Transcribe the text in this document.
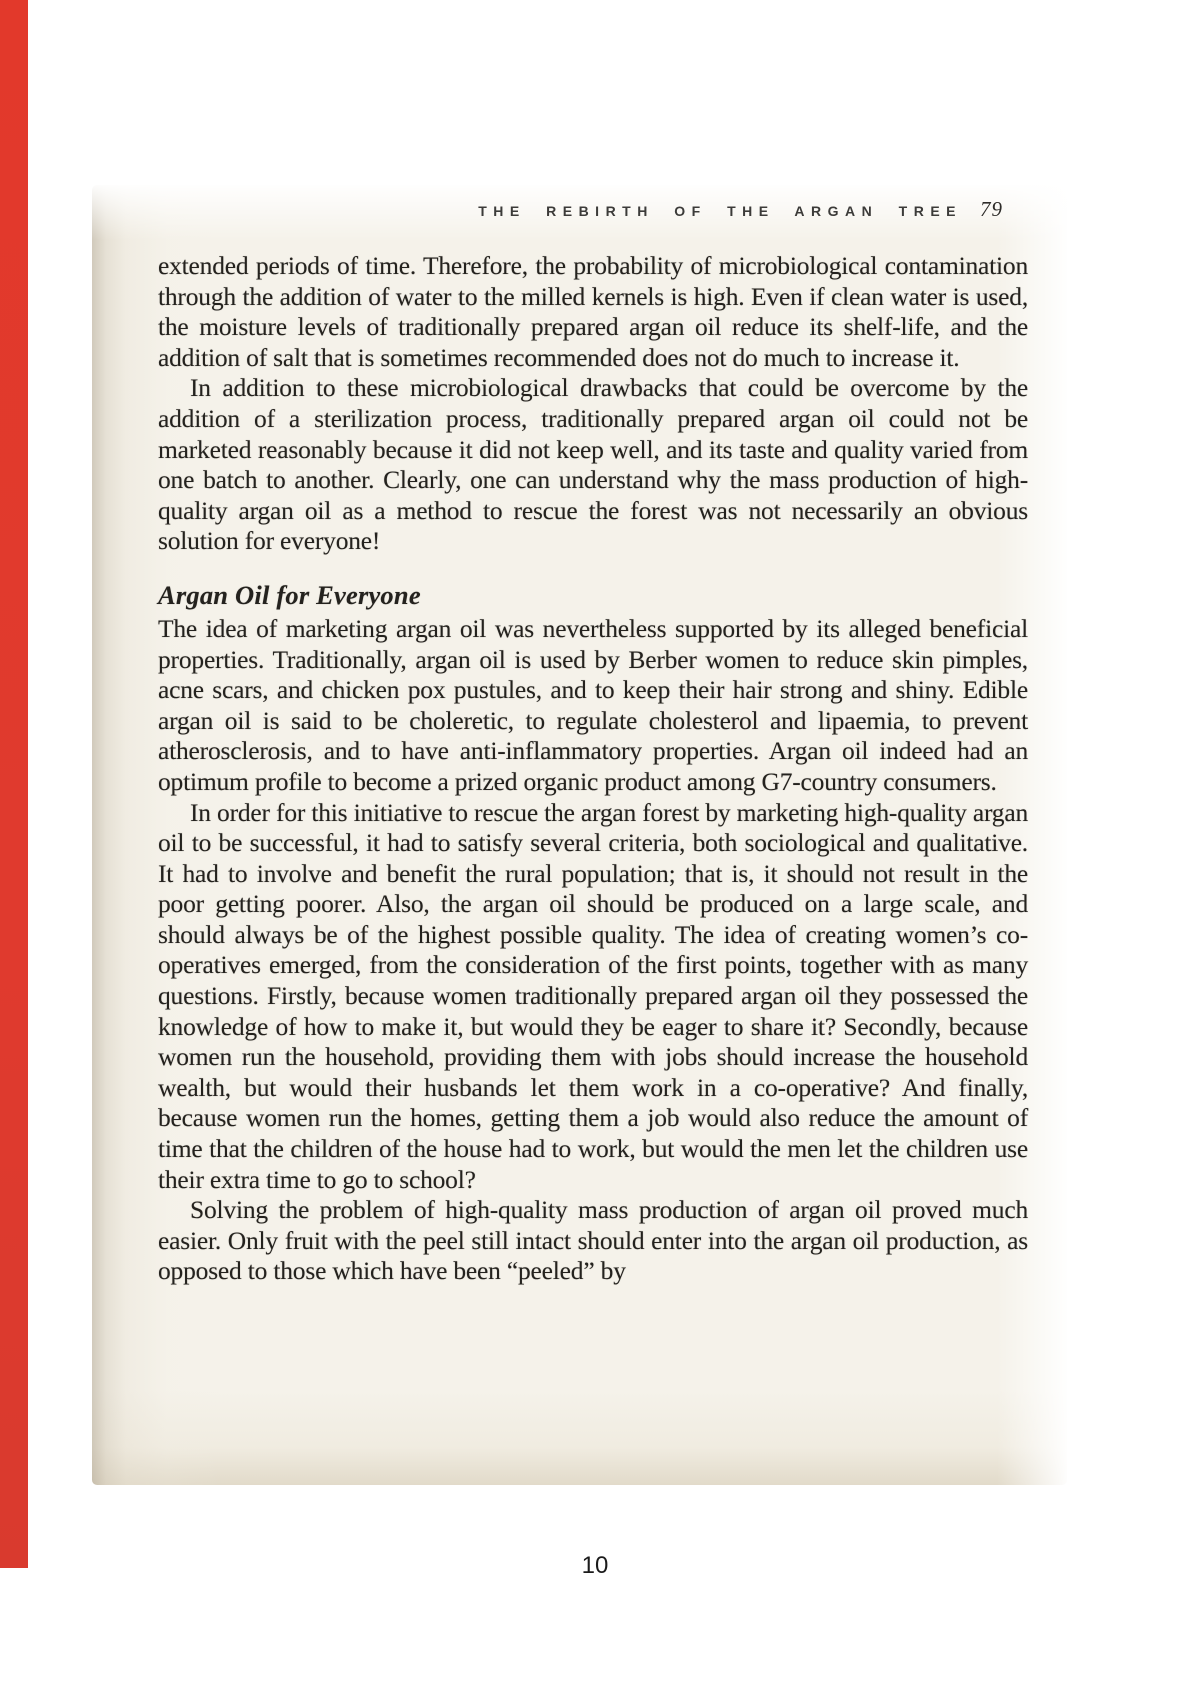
THE REBIRTH OF THE ARGAN TREE 79

extended periods of time. Therefore, the probability of microbiological contamination through the addition of water to the milled kernels is high. Even if clean water is used, the moisture levels of traditionally prepared argan oil reduce its shelf-life, and the addition of salt that is sometimes recommended does not do much to increase it.

In addition to these microbiological drawbacks that could be overcome by the addition of a sterilization process, traditionally prepared argan oil could not be marketed reasonably because it did not keep well, and its taste and quality varied from one batch to another. Clearly, one can understand why the mass production of high-quality argan oil as a method to rescue the forest was not necessarily an obvious solution for everyone!

Argan Oil for Everyone

The idea of marketing argan oil was nevertheless supported by its alleged beneficial properties. Traditionally, argan oil is used by Berber women to reduce skin pimples, acne scars, and chicken pox pustules, and to keep their hair strong and shiny. Edible argan oil is said to be choleretic, to regulate cholesterol and lipaemia, to prevent atherosclerosis, and to have anti-inflammatory properties. Argan oil indeed had an optimum profile to become a prized organic product among G7-country consumers.

In order for this initiative to rescue the argan forest by marketing high-quality argan oil to be successful, it had to satisfy several criteria, both sociological and qualitative. It had to involve and benefit the rural population; that is, it should not result in the poor getting poorer. Also, the argan oil should be produced on a large scale, and should always be of the highest possible quality. The idea of creating women’s co-operatives emerged, from the consideration of the first points, together with as many questions. Firstly, because women traditionally prepared argan oil they possessed the knowledge of how to make it, but would they be eager to share it? Secondly, because women run the household, providing them with jobs should increase the household wealth, but would their husbands let them work in a co-operative? And finally, because women run the homes, getting them a job would also reduce the amount of time that the children of the house had to work, but would the men let the children use their extra time to go to school?

Solving the problem of high-quality mass production of argan oil proved much easier. Only fruit with the peel still intact should enter into the argan oil production, as opposed to those which have been “peeled” by

10
